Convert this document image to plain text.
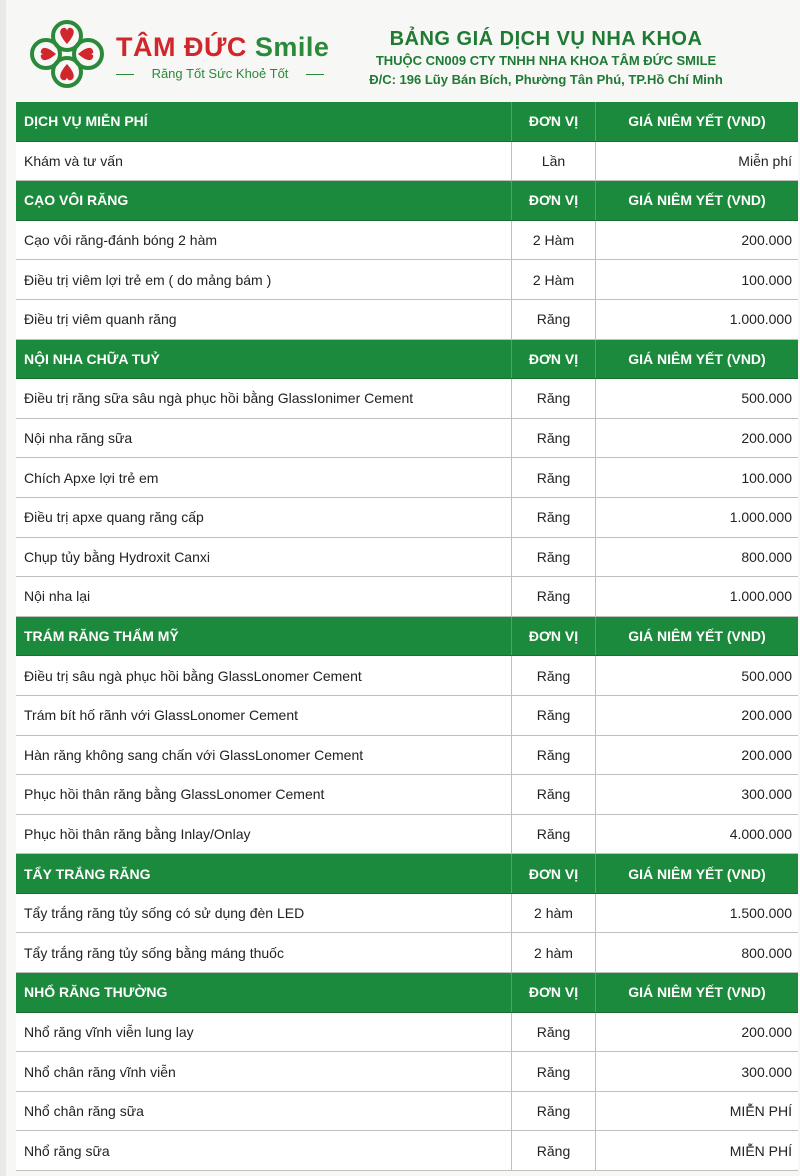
TÂM ĐỨC Smile
Răng Tốt Sức Khoẻ Tốt
BẢNG GIÁ DỊCH VỤ NHA KHOA
THUỘC CN009 CTY TNHH NHA KHOA TÂM ĐỨC SMILE
Đ/C: 196 Lũy Bán Bích, Phường Tân Phú, TP.Hồ Chí Minh
DỊCH VỤ MIỄN PHÍ	ĐƠN VỊ	GIÁ NIÊM YẾT (VND)
Khám và tư vấn	Lần	Miễn phí
CẠO VÔI RĂNG	ĐƠN VỊ	GIÁ NIÊM YẾT (VND)
Cạo vôi răng-đánh bóng 2 hàm	2 Hàm	200.000
Điều trị viêm lợi trẻ em ( do mảng bám )	2 Hàm	100.000
Điều trị viêm quanh răng	Răng	1.000.000
NỘI NHA CHỮA TUỶ	ĐƠN VỊ	GIÁ NIÊM YẾT (VND)
Điều trị răng sữa sâu ngà phục hồi bằng GlassIonimer Cement	Răng	500.000
Nội nha răng sữa	Răng	200.000
Chích Apxe lợi trẻ em	Răng	100.000
Điều trị apxe quang răng cấp	Răng	1.000.000
Chụp tủy bằng Hydroxit Canxi	Răng	800.000
Nội nha lại	Răng	1.000.000
TRÁM RĂNG THẨM MỸ	ĐƠN VỊ	GIÁ NIÊM YẾT (VND)
Điều trị sâu ngà phục hồi bằng GlassLonomer Cement	Răng	500.000
Trám bít hố rãnh với GlassLonomer Cement	Răng	200.000
Hàn răng không sang chấn với GlassLonomer Cement	Răng	200.000
Phục hồi thân răng bằng GlassLonomer Cement	Răng	300.000
Phục hồi thân răng bằng Inlay/Onlay	Răng	4.000.000
TẨY TRẮNG RĂNG	ĐƠN VỊ	GIÁ NIÊM YẾT (VND)
Tẩy trắng răng tủy sống có sử dụng đèn LED	2 hàm	1.500.000
Tẩy trắng răng tủy sống bằng máng thuốc	2 hàm	800.000
NHỔ RĂNG THƯỜNG	ĐƠN VỊ	GIÁ NIÊM YẾT (VND)
Nhổ răng vĩnh viễn lung lay	Răng	200.000
Nhổ chân răng vĩnh viễn	Răng	300.000
Nhổ chân răng sữa	Răng	MIỄN PHÍ
Nhổ răng sữa	Răng	MIỄN PHÍ
